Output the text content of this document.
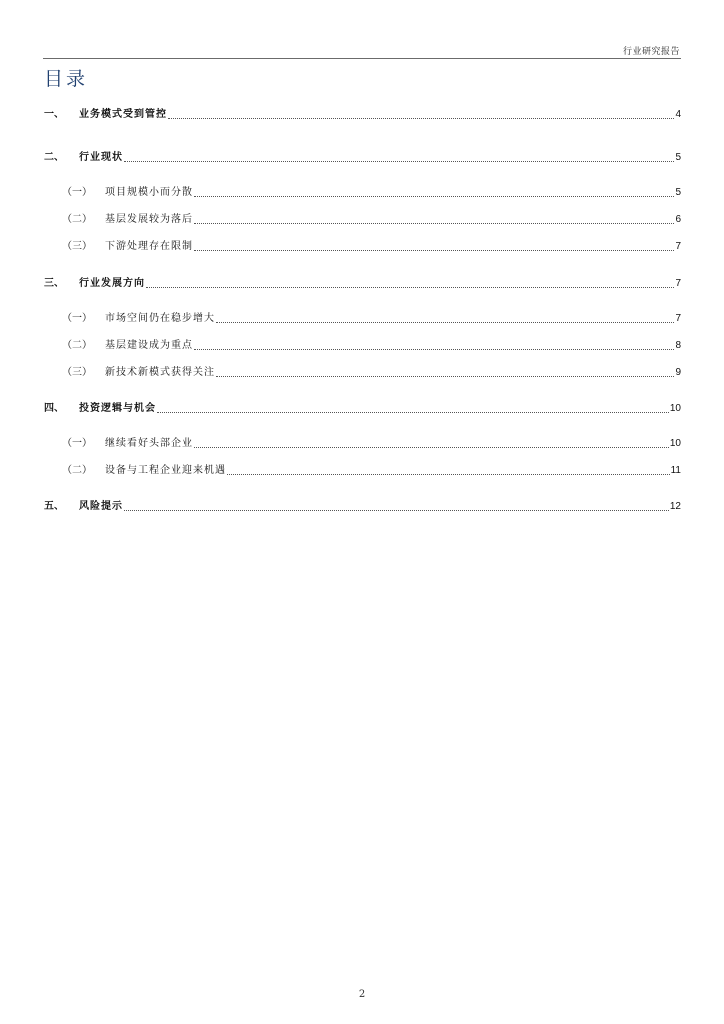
行业研究报告
目录
一、	业务模式受到管控	4
二、	行业现状	5
（一）	项目规模小而分散	5
（二）	基层发展较为落后	6
（三）	下游处理存在限制	7
三、	行业发展方向	7
（一）	市场空间仍在稳步增大	7
（二）	基层建设成为重点	8
（三）	新技术新模式获得关注	9
四、	投资逻辑与机会	10
（一）	继续看好头部企业	10
（二）	设备与工程企业迎来机遇	11
五、	风险提示	12
2
